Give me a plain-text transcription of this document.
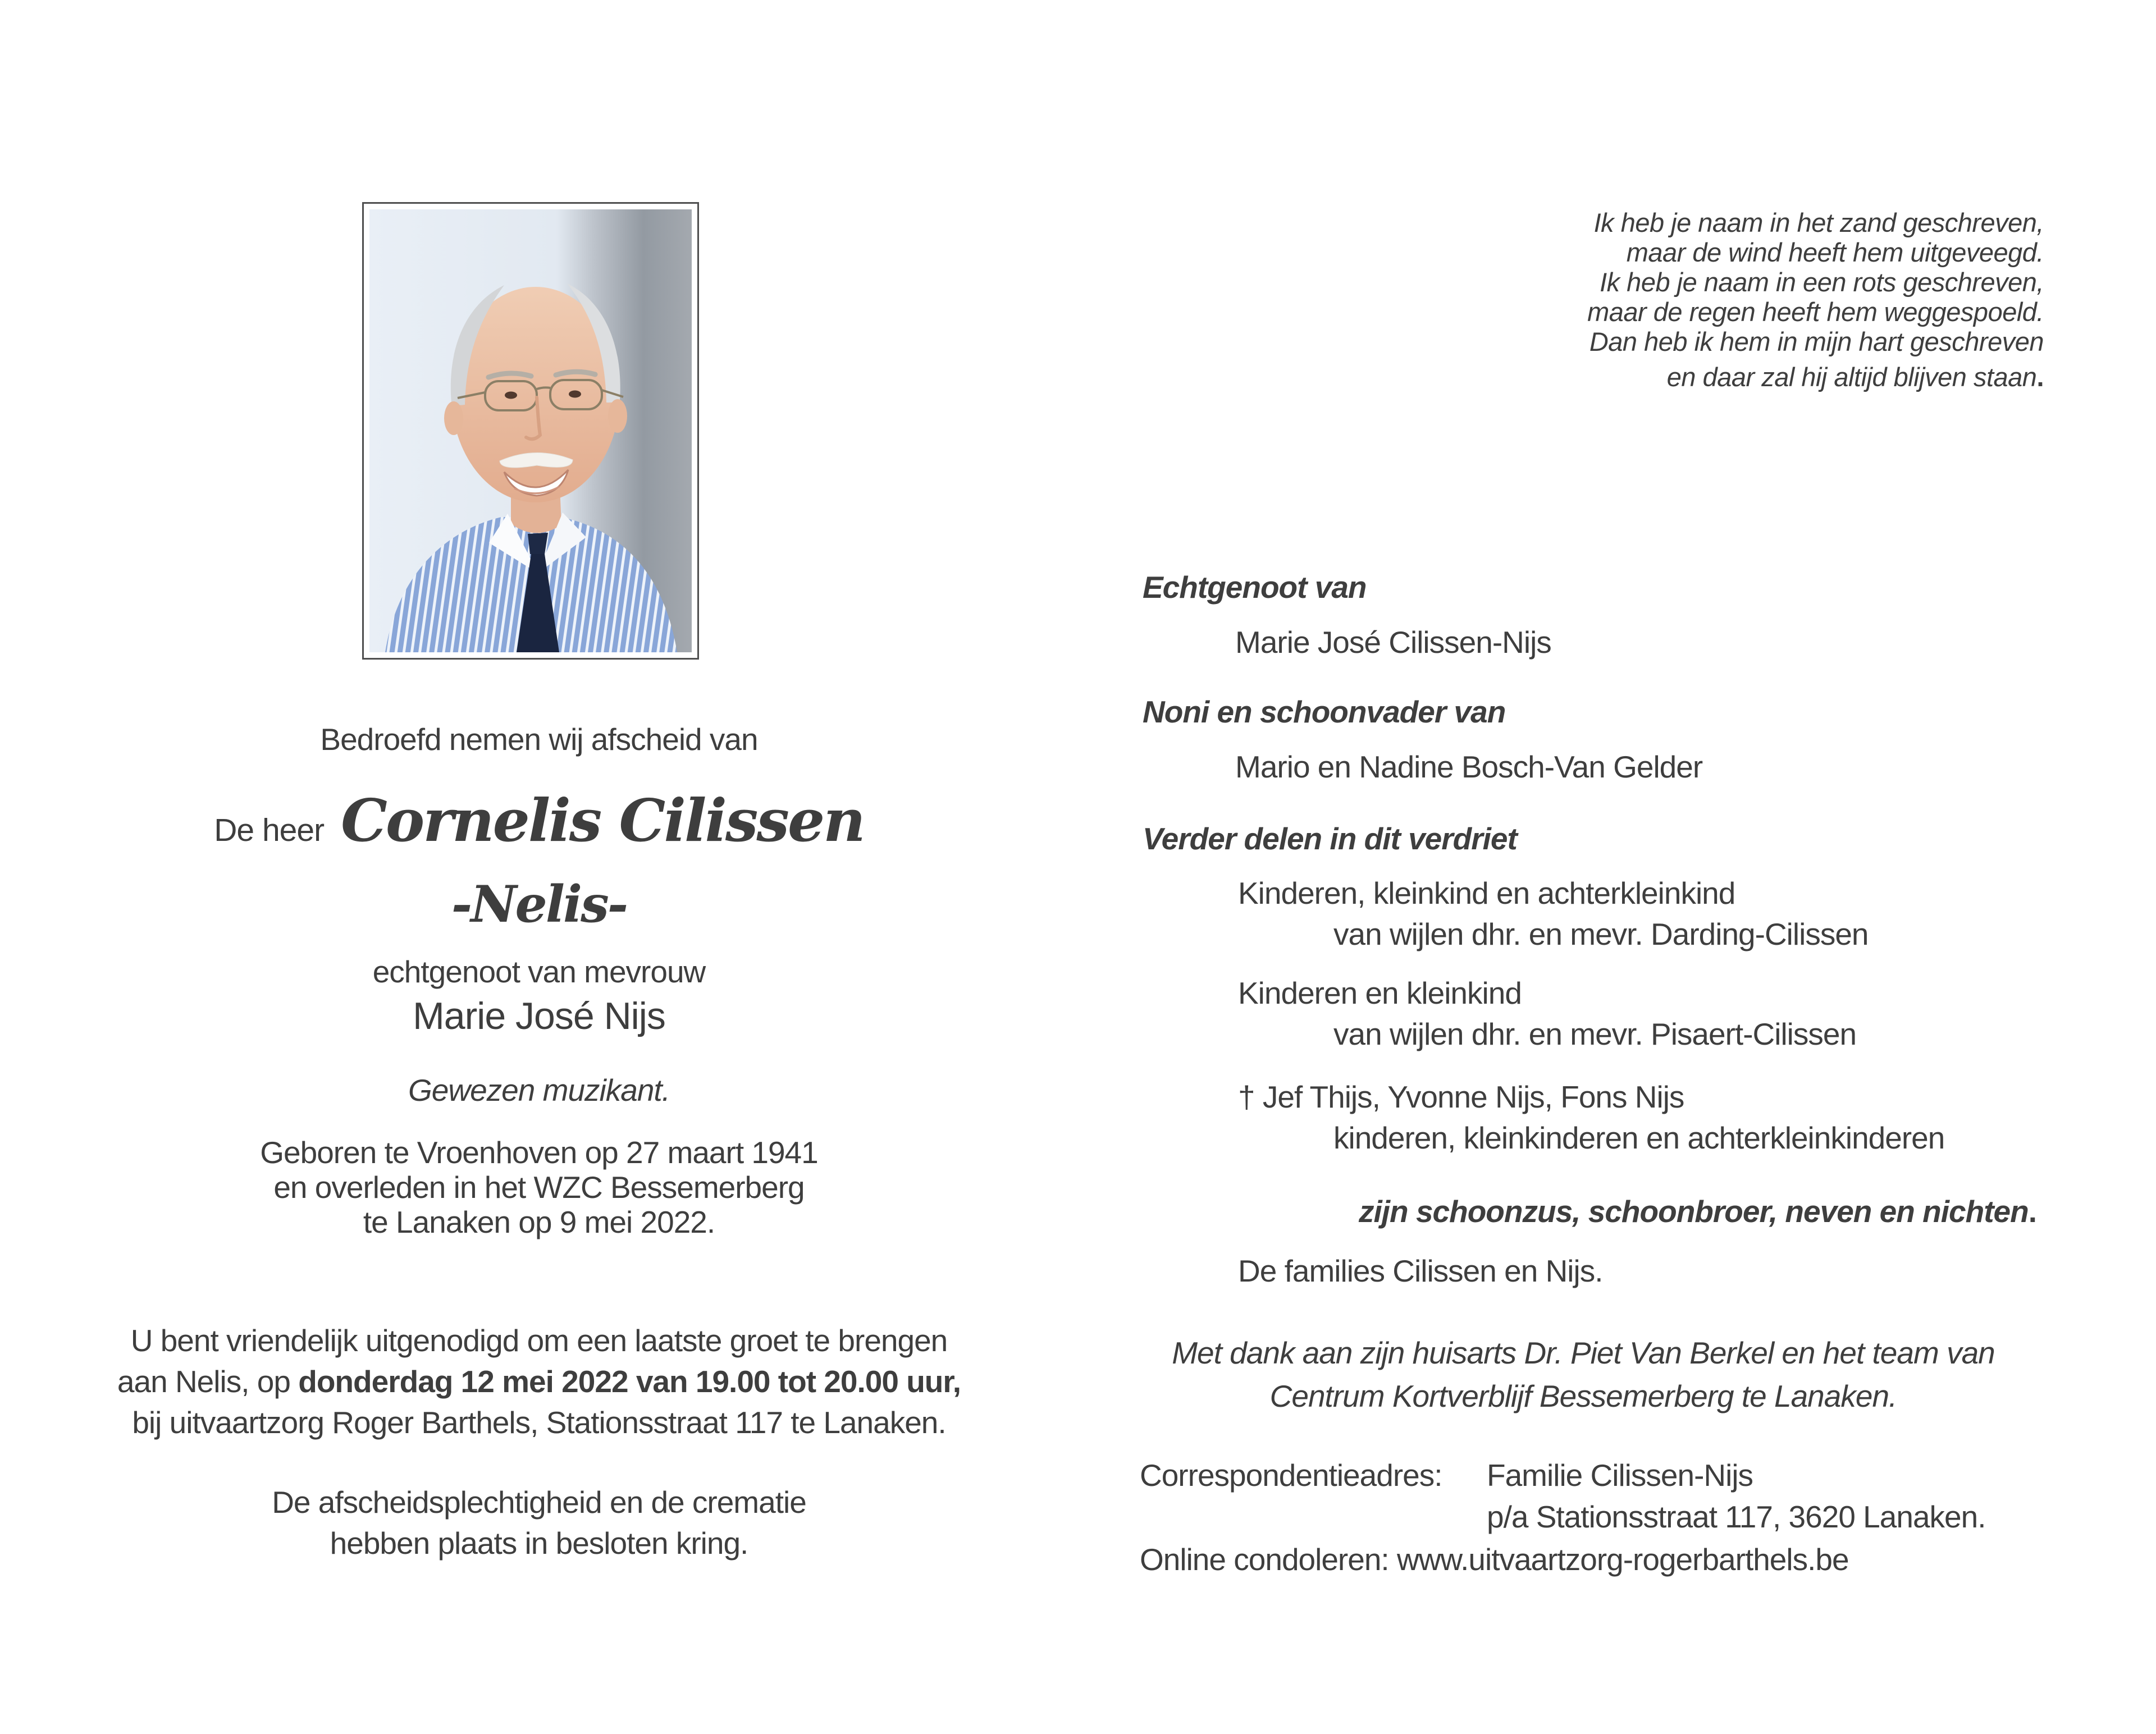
Bedroefd nemen wij afscheid van
De heer Cornelis Cilissen
-Nelis-
echtgenoot van mevrouw
Marie José Nijs
Gewezen muzikant.
Geboren te Vroenhoven op 27 maart 1941
en overleden in het WZC Bessemerberg
te Lanaken op 9 mei 2022.
U bent vriendelijk uitgenodigd om een laatste groet te brengen
aan Nelis, op donderdag 12 mei 2022 van 19.00 tot 20.00 uur,
bij uitvaartzorg Roger Barthels, Stationsstraat 117 te Lanaken.
De afscheidsplechtigheid en de crematie
hebben plaats in besloten kring.
Ik heb je naam in het zand geschreven,
maar de wind heeft hem uitgeveegd.
Ik heb je naam in een rots geschreven,
maar de regen heeft hem weggespoeld.
Dan heb ik hem in mijn hart geschreven
en daar zal hij altijd blijven staan.
Echtgenoot van
Marie José Cilissen-Nijs
Noni en schoonvader van
Mario en Nadine Bosch-Van Gelder
Verder delen in dit verdriet
Kinderen, kleinkind en achterkleinkind
van wijlen dhr. en mevr. Darding-Cilissen
Kinderen en kleinkind
van wijlen dhr. en mevr. Pisaert-Cilissen
† Jef Thijs, Yvonne Nijs, Fons Nijs
kinderen, kleinkinderen en achterkleinkinderen
zijn schoonzus, schoonbroer, neven en nichten.
De families Cilissen en Nijs.
Met dank aan zijn huisarts Dr. Piet Van Berkel en het team van
Centrum Kortverblijf Bessemerberg te Lanaken.
Correspondentieadres: Familie Cilissen-Nijs
p/a Stationsstraat 117, 3620 Lanaken.
Online condoleren: www.uitvaartzorg-rogerbarthels.be
